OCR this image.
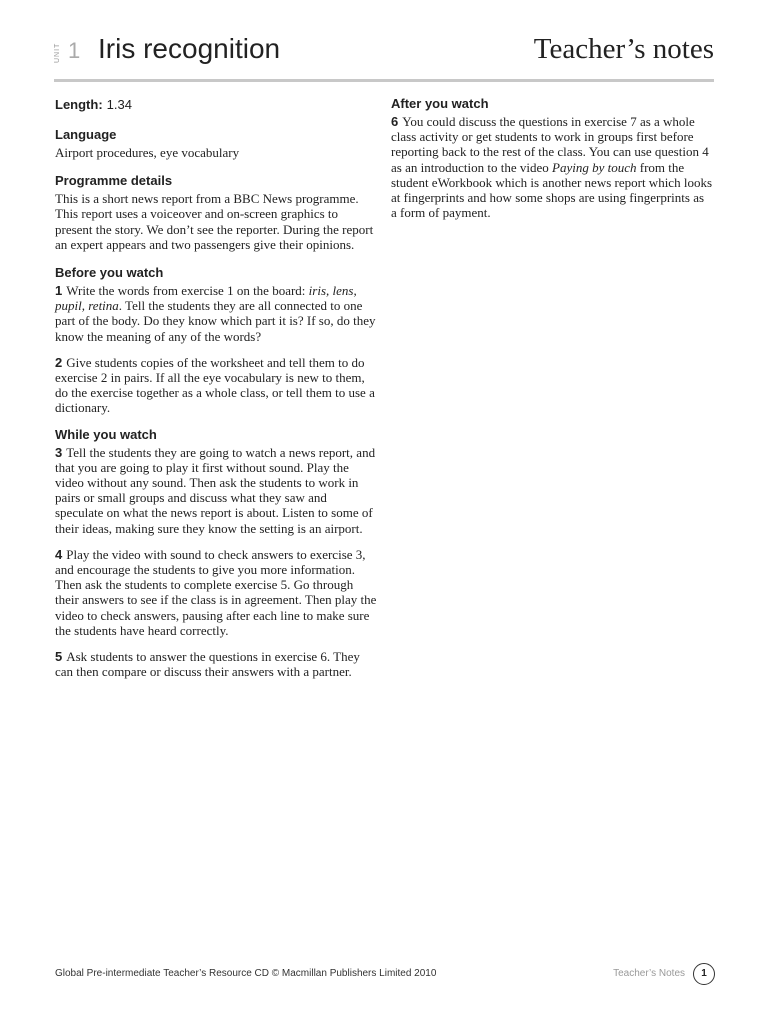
UNIT 1 Iris recognition	Teacher’s notes
Length: 1.34
Language

Airport procedures, eye vocabulary

Programme details

This is a short news report from a BBC News programme. This report uses a voiceover and on-screen graphics to present the story. We don’t see the reporter. During the report an expert appears and two passengers give their opinions.

Before you watch

1 Write the words from exercise 1 on the board: iris, lens, pupil, retina. Tell the students they are all connected to one part of the body. Do they know which part it is? If so, do they know the meaning of any of the words?

2 Give students copies of the worksheet and tell them to do exercise 2 in pairs. If all the eye vocabulary is new to them, do the exercise together as a whole class, or tell them to use a dictionary.

While you watch

3 Tell the students they are going to watch a news report, and that you are going to play it first without sound. Play the video without any sound. Then ask the students to work in pairs or small groups and discuss what they saw and speculate on what the news report is about. Listen to some of their ideas, making sure they know the setting is an airport.

4 Play the video with sound to check answers to exercise 3, and encourage the students to give you more information. Then ask the students to complete exercise 5. Go through their answers to see if the class is in agreement. Then play the video to check answers, pausing after each line to make sure the students have heard correctly.

5 Ask students to answer the questions in exercise 6. They can then compare or discuss their answers with a partner.

After you watch

6 You could discuss the questions in exercise 7 as a whole class activity or get students to work in groups first before reporting back to the rest of the class. You can use question 4 as an introduction to the video Paying by touch from the student eWorkbook which is another news report which looks at fingerprints and how some shops are using fingerprints as a form of payment.

Global Pre-intermediate Teacher’s Resource CD © Macmillan Publishers Limited 2010	Teacher’s Notes	1
